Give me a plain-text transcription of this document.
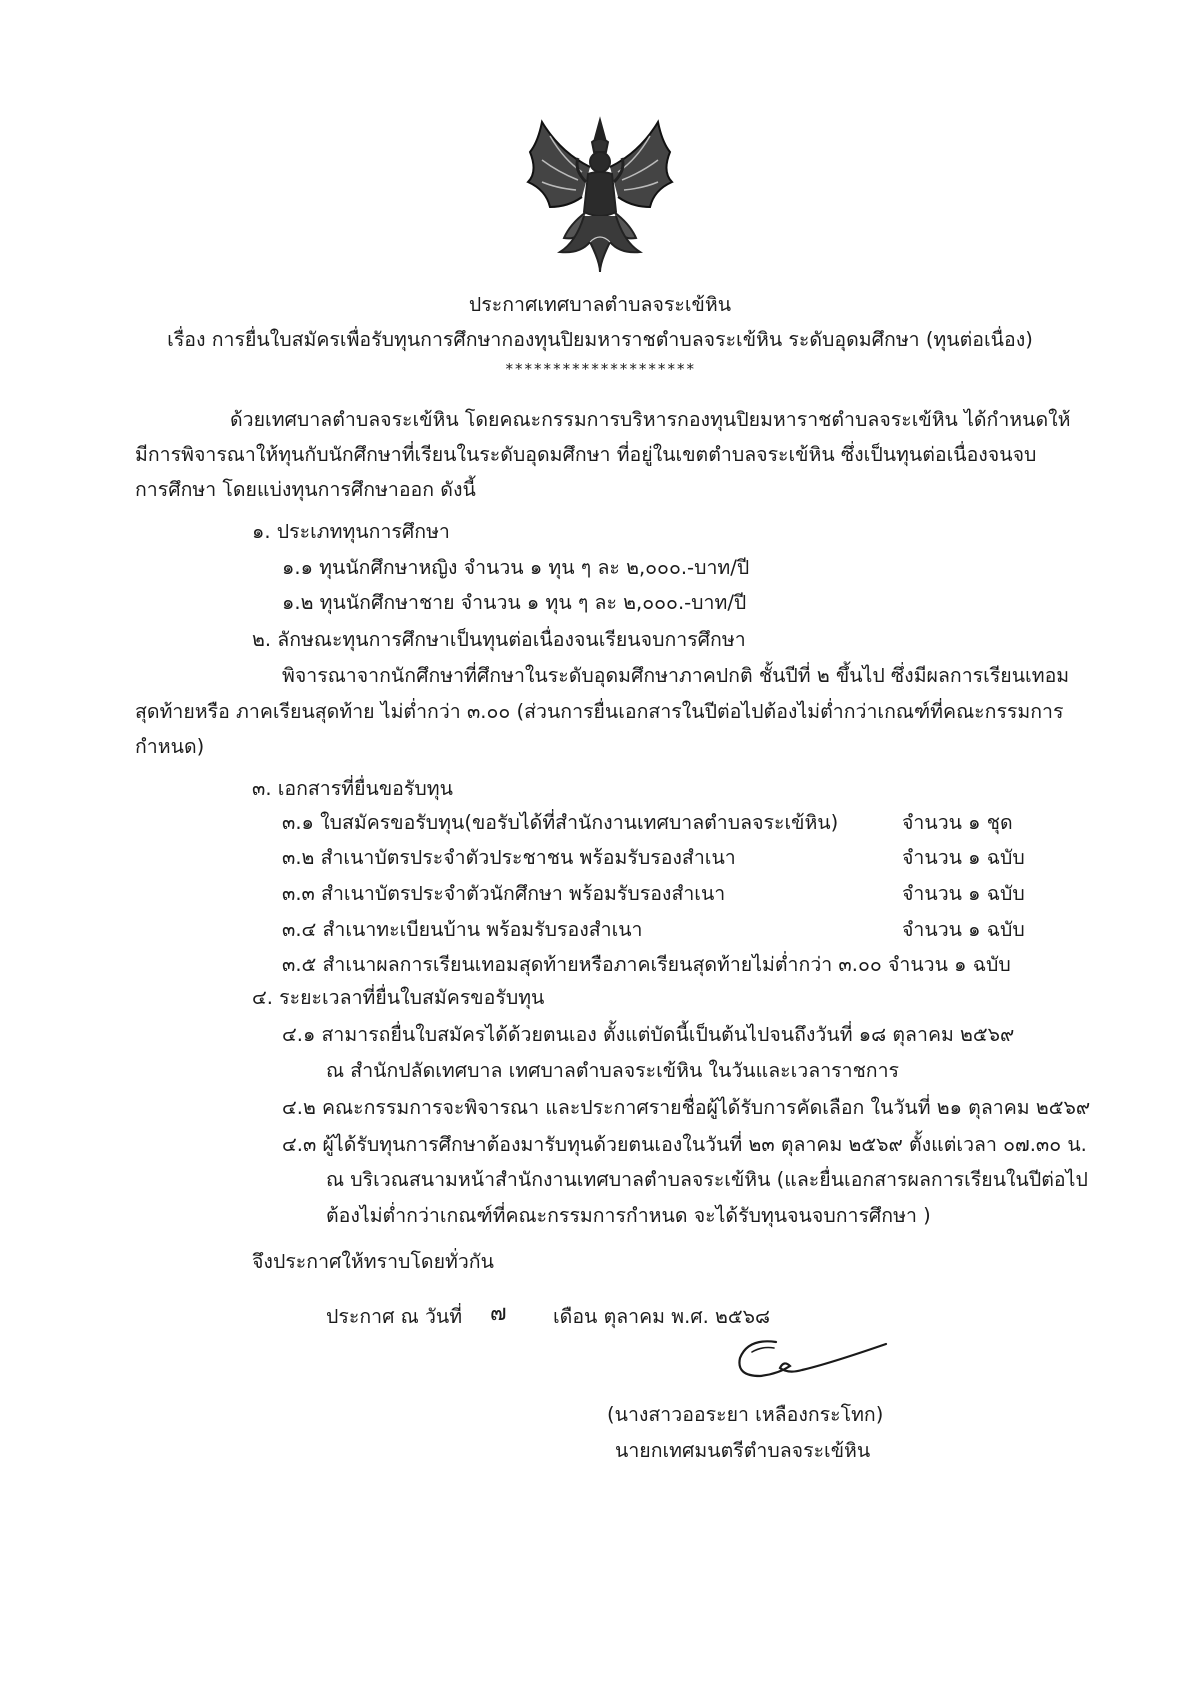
ประกาศเทศบาลตำบลจระเข้หิน
เรื่อง การยื่นใบสมัครเพื่อรับทุนการศึกษากองทุนปิยมหาราชตำบลจระเข้หิน ระดับอุดมศึกษา (ทุนต่อเนื่อง)
********************
ด้วยเทศบาลตำบลจระเข้หิน โดยคณะกรรมการบริหารกองทุนปิยมหาราชตำบลจระเข้หิน ได้กำหนดให้
มีการพิจารณาให้ทุนกับนักศึกษาที่เรียนในระดับอุดมศึกษา ที่อยู่ในเขตตำบลจระเข้หิน ซึ่งเป็นทุนต่อเนื่องจนจบ
การศึกษา โดยแบ่งทุนการศึกษาออก ดังนี้
๑. ประเภททุนการศึกษา
๑.๑ ทุนนักศึกษาหญิง จำนวน ๑ ทุน ๆ ละ ๒,๐๐๐.-บาท/ปี
๑.๒ ทุนนักศึกษาชาย จำนวน ๑ ทุน ๆ ละ ๒,๐๐๐.-บาท/ปี
๒. ลักษณะทุนการศึกษาเป็นทุนต่อเนื่องจนเรียนจบการศึกษา
พิจารณาจากนักศึกษาที่ศึกษาในระดับอุดมศึกษาภาคปกติ ชั้นปีที่ ๒ ขึ้นไป ซึ่งมีผลการเรียนเทอม
สุดท้ายหรือ ภาคเรียนสุดท้าย ไม่ต่ำกว่า ๓.๐๐ (ส่วนการยื่นเอกสารในปีต่อไปต้องไม่ต่ำกว่าเกณฑ์ที่คณะกรรมการ
กำหนด)
๓. เอกสารที่ยื่นขอรับทุน
๓.๑ ใบสมัครขอรับทุน(ขอรับได้ที่สำนักงานเทศบาลตำบลจระเข้หิน)	จำนวน ๑ ชุด
๓.๒ สำเนาบัตรประจำตัวประชาชน พร้อมรับรองสำเนา	จำนวน ๑ ฉบับ
๓.๓ สำเนาบัตรประจำตัวนักศึกษา พร้อมรับรองสำเนา	จำนวน ๑ ฉบับ
๓.๔ สำเนาทะเบียนบ้าน พร้อมรับรองสำเนา	จำนวน ๑ ฉบับ
๓.๕ สำเนาผลการเรียนเทอมสุดท้ายหรือภาคเรียนสุดท้ายไม่ต่ำกว่า ๓.๐๐ จำนวน ๑ ฉบับ
๔. ระยะเวลาที่ยื่นใบสมัครขอรับทุน
๔.๑ สามารถยื่นใบสมัครได้ด้วยตนเอง ตั้งแต่บัดนี้เป็นต้นไปจนถึงวันที่ ๑๘ ตุลาคม ๒๕๖๙
ณ สำนักปลัดเทศบาล เทศบาลตำบลจระเข้หิน ในวันและเวลาราชการ
๔.๒ คณะกรรมการจะพิจารณา และประกาศรายชื่อผู้ได้รับการคัดเลือก ในวันที่ ๒๑ ตุลาคม ๒๕๖๙
๔.๓ ผู้ได้รับทุนการศึกษาต้องมารับทุนด้วยตนเองในวันที่ ๒๓ ตุลาคม ๒๕๖๙ ตั้งแต่เวลา ๐๗.๓๐ น.
ณ บริเวณสนามหน้าสำนักงานเทศบาลตำบลจระเข้หิน (และยื่นเอกสารผลการเรียนในปีต่อไป
ต้องไม่ต่ำกว่าเกณฑ์ที่คณะกรรมการกำหนด จะได้รับทุนจนจบการศึกษา )
จึงประกาศให้ทราบโดยทั่วกัน
ประกาศ ณ วันที่ ๗ เดือน ตุลาคม พ.ศ. ๒๕๖๘
(นางสาวออระยา เหลืองกระโทก)
นายกเทศมนตรีตำบลจระเข้หิน
